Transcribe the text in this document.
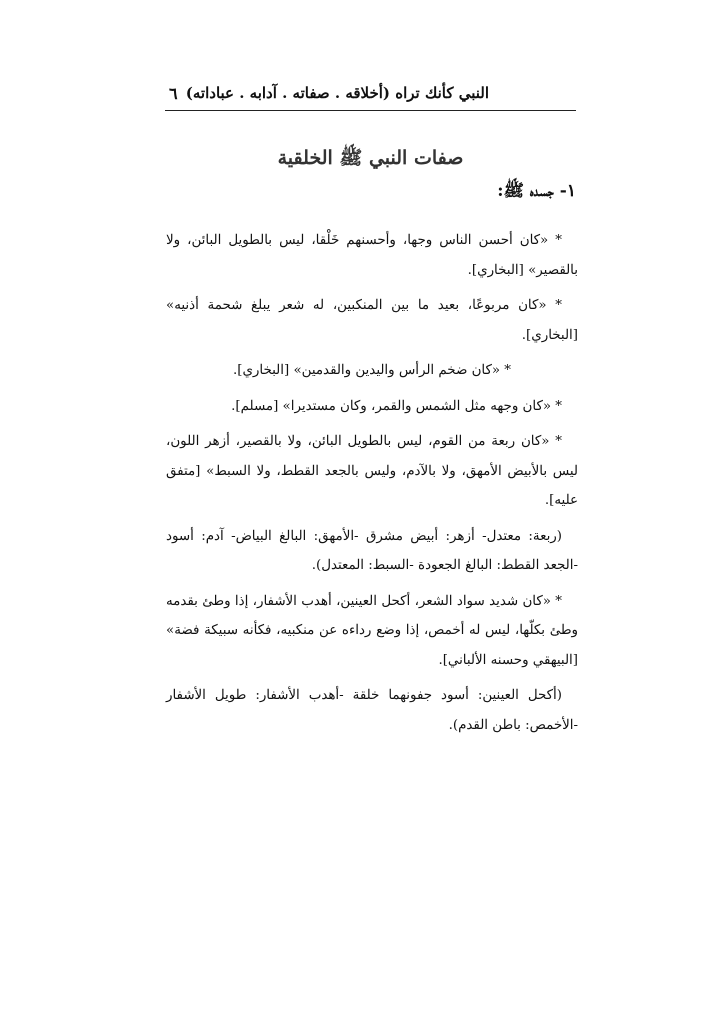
النبي كأنك تراه (أخلاقه . صفاته . آدابه . عباداته)
٦
صفات النبي ﷺ الخلقية
١- جسده ﷺ:

* «كان أحسن الناس وجها، وأحسنهم خَلْقا، ليس بالطويل البائن، ولا بالقصير» [البخاري].

* «كان مربوعًا، بعيد ما بين المنكبين، له شعر يبلغ شحمة أذنيه» [البخاري].

* «كان ضخم الرأس واليدين والقدمين» [البخاري].

* «كان وجهه مثل الشمس والقمر، وكان مستديرا» [مسلم].

* «كان ربعة من القوم، ليس بالطويل البائن، ولا بالقصير، أزهر اللون، ليس بالأبيض الأمهق، ولا بالآدم، وليس بالجعد القطط، ولا السبط» [متفق عليه].

(ربعة: معتدل- أزهر: أبيض مشرق -الأمهق: البالغ البياض- آدم: أسود -الجعد القطط: البالغ الجعودة -السبط: المعتدل).

* «كان شديد سواد الشعر، أكحل العينين، أهدب الأشفار، إذا وطئ بقدمه وطئ بكلّها، ليس له أخمص، إذا وضع رداءه عن منكبيه، فكأنه سبيكة فضة» [البيهقي وحسنه الألباني].

(أكحل العينين: أسود جفونهما خلقة -أهدب الأشفار: طويل الأشفار -الأخمص: باطن القدم).
